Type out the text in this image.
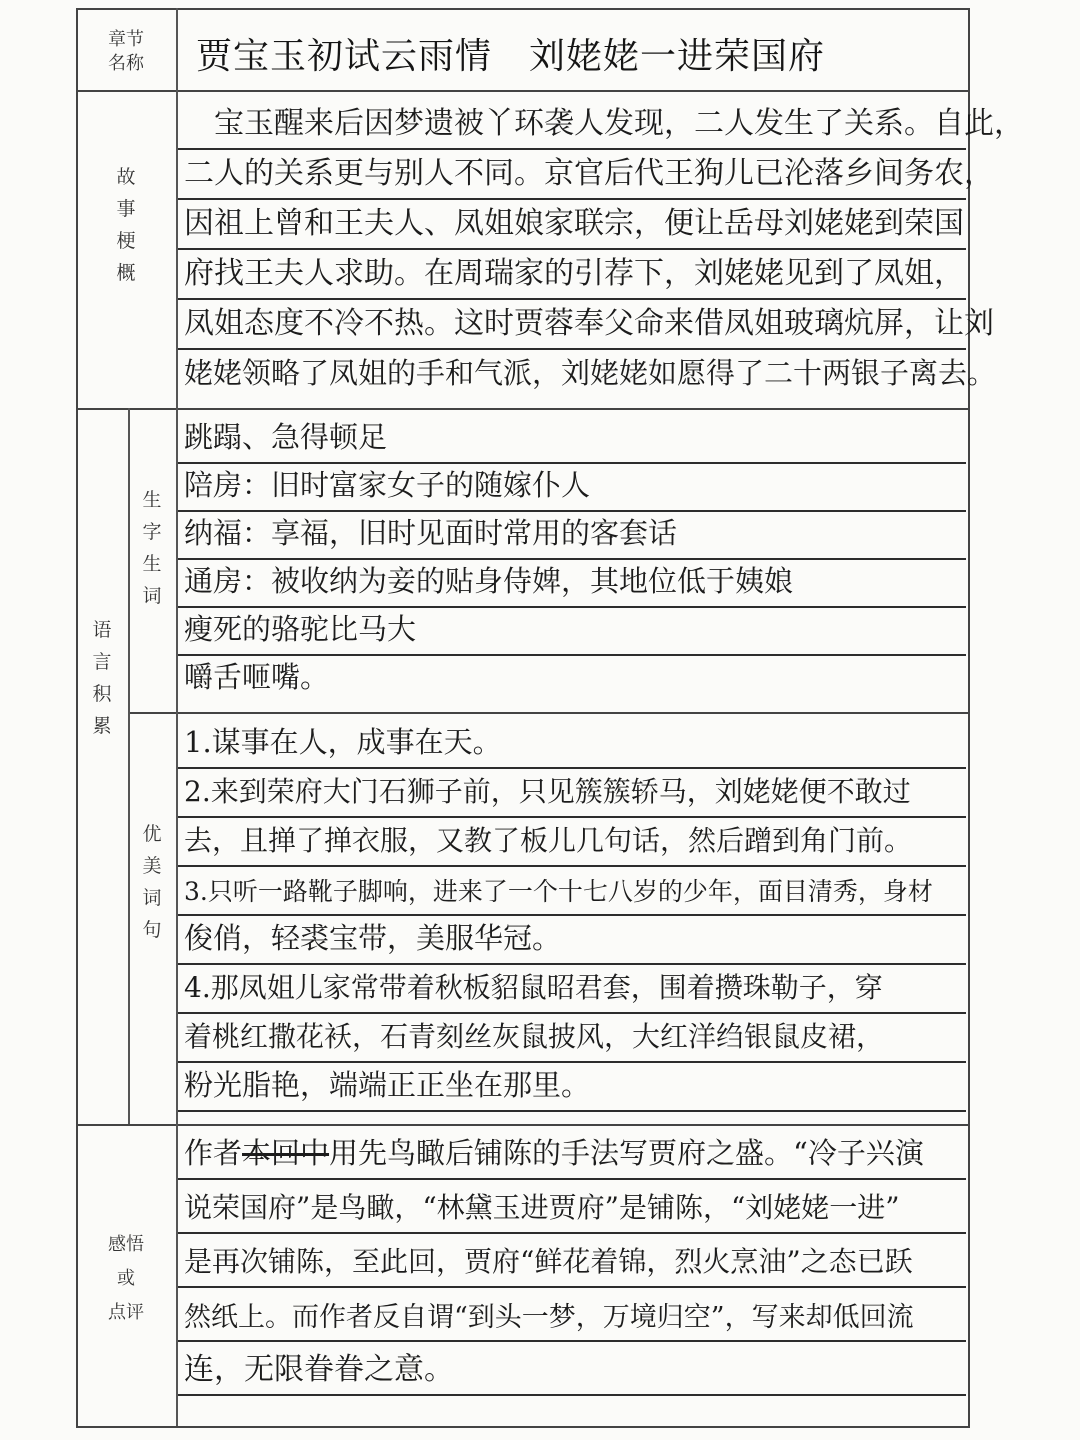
章节
名称
故
事
梗
概
语
言
积
累
生
字
生
词
优
美
词
句
感悟
或
点评
贾宝玉初试云雨情　刘姥姥一进荣国府
　宝玉醒来后因梦遗被丫环袭人发现，二人发生了关系。自此，
二人的关系更与别人不同。京官后代王狗儿已沦落乡间务农，
因祖上曾和王夫人、凤姐娘家联宗，便让岳母刘姥姥到荣国
府找王夫人求助。在周瑞家的引荐下，刘姥姥见到了凤姐，
凤姐态度不冷不热。这时贾蓉奉父命来借凤姐玻璃炕屏，让刘
姥姥领略了凤姐的手和气派，刘姥姥如愿得了二十两银子离去。
跳蹋、急得顿足
陪房：旧时富家女子的随嫁仆人
纳福：享福，旧时见面时常用的客套话
通房：被收纳为妾的贴身侍婢，其地位低于姨娘
瘦死的骆驼比马大
嚼舌咂嘴。
1.谋事在人，成事在天。
2.来到荣府大门石狮子前，只见簇簇轿马，刘姥姥便不敢过
去，且掸了掸衣服，又教了板儿几句话，然后蹭到角门前。
3.只听一路靴子脚响，进来了一个十七八岁的少年，面目清秀，身材
俊俏，轻裘宝带，美服华冠。
4.那凤姐儿家常带着秋板貂鼠昭君套，围着攒珠勒子，穿
着桃红撒花袄，石青刻丝灰鼠披风，大红洋绉银鼠皮裙，
粉光脂艳，端端正正坐在那里。
作者本回中用先鸟瞰后铺陈的手法写贾府之盛。“冷子兴演
说荣国府”是鸟瞰，“林黛玉进贾府”是铺陈，“刘姥姥一进”
是再次铺陈，至此回，贾府“鲜花着锦，烈火烹油”之态已跃
然纸上。而作者反自谓“到头一梦，万境归空”，写来却低回流
连，无限眷眷之意。
